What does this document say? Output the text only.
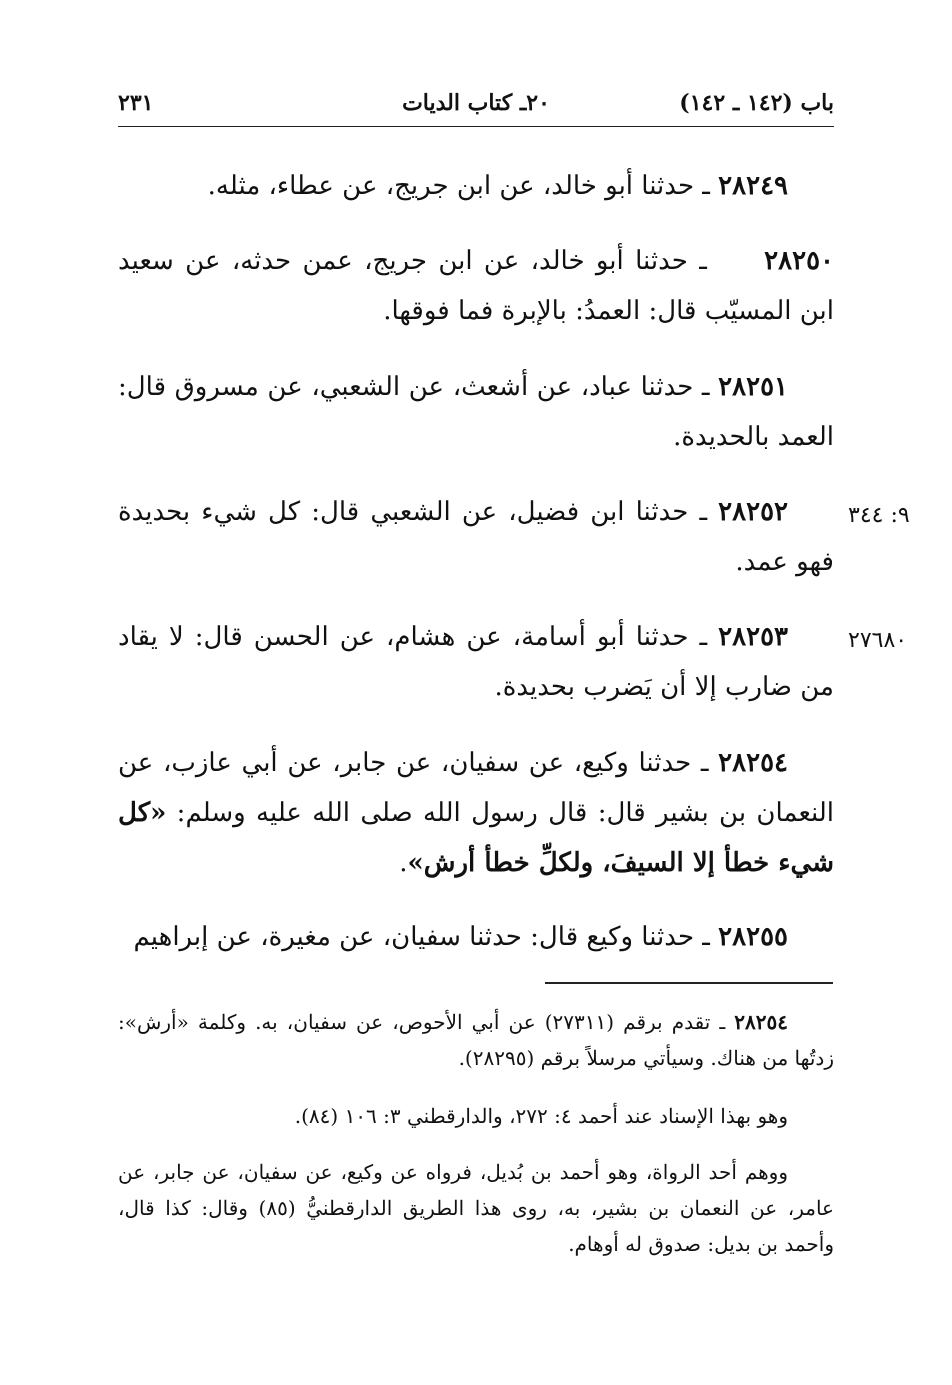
باب (١٤٢ ـ ١٤٢)
٢٠ـ كتاب الديات
٢٣١
٢٨٢٤٩ ـ حدثنا أبو خالد، عن ابن جريج، عن عطاء، مثله.
٢٨٢٥٠ ـ حدثنا أبو خالد، عن ابن جريج، عمن حدثه، عن سعيد ابن المسيّب قال: العمدُ: بالإبرة فما فوقها.
٢٨٢٥١ ـ حدثنا عباد، عن أشعث، عن الشعبي، عن مسروق قال: العمد بالحديدة.
٩: ٣٤٤
٢٨٢٥٢ ـ حدثنا ابن فضيل، عن الشعبي قال: كل شيء بحديدة فهو عمد.
٢٧٦٨٠
٢٨٢٥٣ ـ حدثنا أبو أسامة، عن هشام، عن الحسن قال: لا يقاد من ضارب إلا أن يَضرب بحديدة.
٢٨٢٥٤ ـ حدثنا وكيع، عن سفيان، عن جابر، عن أبي عازب، عن النعمان بن بشير قال: قال رسول الله صلى الله عليه وسلم: «كل شيء خطأ إلا السيفَ، ولكلِّ خطأ أرش».
٢٨٢٥٥ ـ حدثنا وكيع قال: حدثنا سفيان، عن مغيرة، عن إبراهيم
٢٨٢٥٤ ـ تقدم برقم (٢٧٣١١) عن أبي الأحوص، عن سفيان، به. وكلمة «أرش»: زدتُها من هناك. وسيأتي مرسلاً برقم (٢٨٢٩٥).
وهو بهذا الإسناد عند أحمد ٤: ٢٧٢، والدارقطني ٣: ١٠٦ (٨٤).
ووهم أحد الرواة، وهو أحمد بن بُديل، فرواه عن وكيع، عن سفيان، عن جابر، عن عامر، عن النعمان بن بشير، به، روى هذا الطريق الدارقطنيُّ (٨٥) وقال: كذا قال، وأحمد بن بديل: صدوق له أوهام.
